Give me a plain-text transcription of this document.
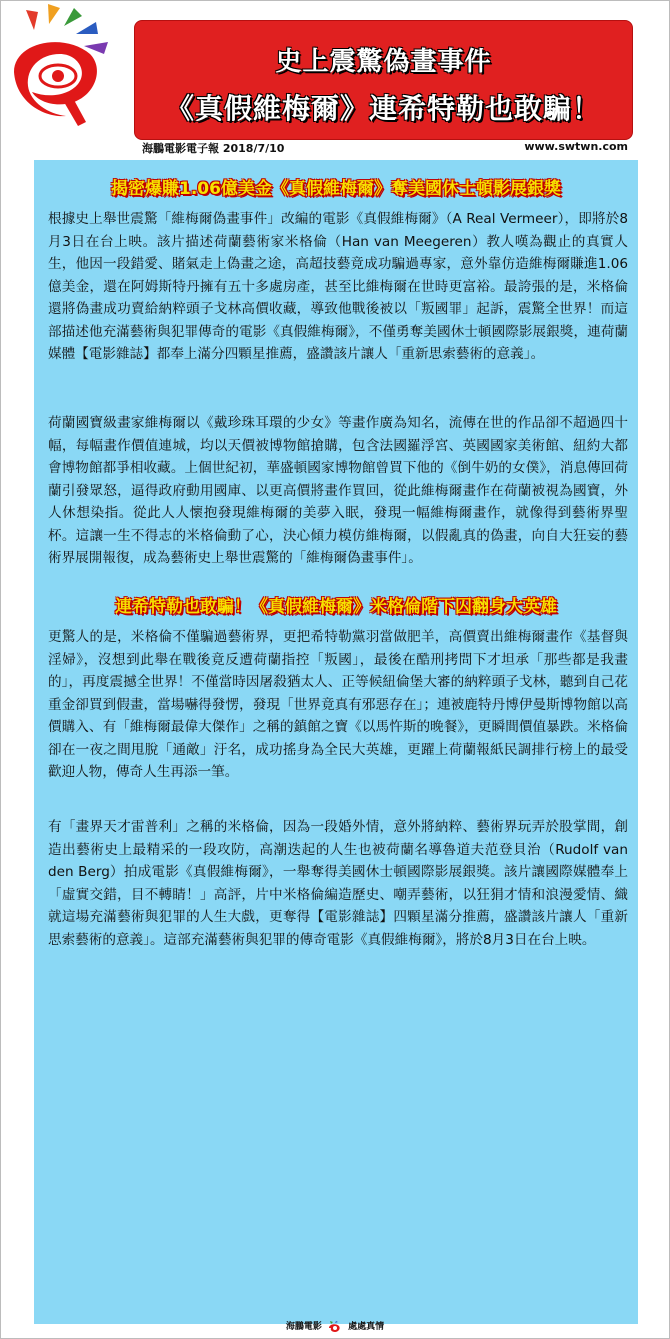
史上震驚偽畫事件
《真假維梅爾》連希特勒也敢騙！
海鵬電影電子報 2018/7/10	www.swtwn.com
揭密爆賺1.06億美金《真假維梅爾》奪美國休士頓影展銀獎

根據史上舉世震驚「維梅爾偽畫事件」改編的電影《真假維梅爾》（A Real Vermeer），即將於8月3日在台上映。該片描述荷蘭藝術家米格倫（Han van Meegeren）教人嘆為觀止的真實人生，他因一段錯愛、賭氣走上偽畫之途，高超技藝竟成功騙過專家，意外靠仿造維梅爾賺進1.06億美金，還在阿姆斯特丹擁有五十多處房產，甚至比維梅爾在世時更富裕。最誇張的是，米格倫還將偽畫成功賣給納粹頭子戈林高價收藏，導致他戰後被以「叛國罪」起訴，震驚全世界！而這部描述他充滿藝術與犯罪傳奇的電影《真假維梅爾》，不僅勇奪美國休士頓國際影展銀獎，連荷蘭媒體【電影雜誌】都奉上滿分四顆星推薦，盛讚該片讓人「重新思索藝術的意義」。

荷蘭國寶級畫家維梅爾以《戴珍珠耳環的少女》等畫作廣為知名，流傳在世的作品卻不超過四十幅，每幅畫作價值連城，均以天價被博物館搶購，包含法國羅浮宮、英國國家美術館、紐約大都會博物館都爭相收藏。上個世紀初，華盛頓國家博物館曾買下他的《倒牛奶的女僕》，消息傳回荷蘭引發眾怒，逼得政府動用國庫、以更高價將畫作買回，從此維梅爾畫作在荷蘭被視為國寶，外人休想染指。從此人人懷抱發現維梅爾的美夢入眠，發現一幅維梅爾畫作，就像得到藝術界聖杯。這讓一生不得志的米格倫動了心，決心傾力模仿維梅爾，以假亂真的偽畫，向自大狂妄的藝術界展開報復，成為藝術史上舉世震驚的「維梅爾偽畫事件」。

連希特勒也敢騙！《真假維梅爾》米格倫階下囚翻身大英雄

更驚人的是，米格倫不僅騙過藝術界，更把希特勒黨羽當做肥羊，高價賣出維梅爾畫作《基督與淫婦》，沒想到此舉在戰後竟反遭荷蘭指控「叛國」，最後在酷刑拷問下才坦承「那些都是我畫的」，再度震撼全世界！不僅當時因屠殺猶太人、正等候紐倫堡大審的納粹頭子戈林，聽到自己花重金卻買到假畫，當場嚇得發愣，發現「世界竟真有邪惡存在」；連被鹿特丹博伊曼斯博物館以高價購入、有「維梅爾最偉大傑作」之稱的鎮館之寶《以馬忤斯的晚餐》，更瞬間價值暴跌。米格倫卻在一夜之間甩脫「通敵」汙名，成功搖身為全民大英雄，更躍上荷蘭報紙民調排行榜上的最受歡迎人物，傳奇人生再添一筆。

有「畫界天才雷普利」之稱的米格倫，因為一段婚外情，意外將納粹、藝術界玩弄於股掌間，創造出藝術史上最精采的一段攻防，高潮迭起的人生也被荷蘭名導魯道夫范登貝治（Rudolf van den Berg）拍成電影《真假維梅爾》，一舉奪得美國休士頓國際影展銀獎。該片讓國際媒體奉上「虛實交錯，目不轉睛！」高評，片中米格倫編造歷史、嘲弄藝術，以狂狷才情和浪漫愛情、織就這場充滿藝術與犯罪的人生大戲，更奪得【電影雜誌】四顆星滿分推薦，盛讚該片讓人「重新思索藝術的意義」。這部充滿藝術與犯罪的傳奇電影《真假維梅爾》，將於8月3日在台上映。

海鵬電影	處處真情
